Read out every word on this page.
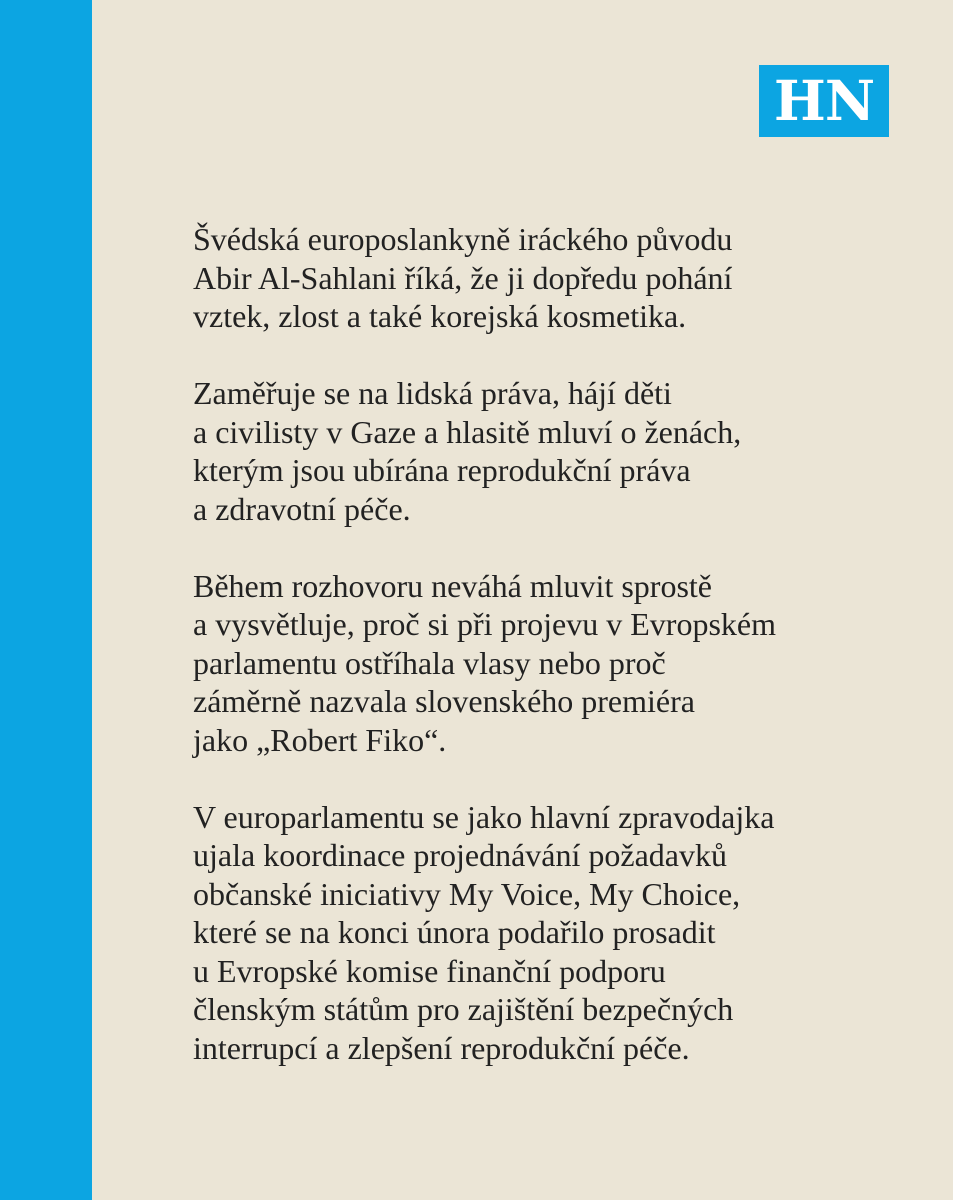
HN

Švédská europoslankyně iráckého původu
Abir Al-Sahlani říká, že ji dopředu pohání
vztek, zlost a také korejská kosmetika.

Zaměřuje se na lidská práva, hájí děti
a civilisty v Gaze a hlasitě mluví o ženách,
kterým jsou ubírána reprodukční práva
a zdravotní péče.

Během rozhovoru neváhá mluvit sprostě
a vysvětluje, proč si při projevu v Evropském
parlamentu ostříhala vlasy nebo proč
záměrně nazvala slovenského premiéra
jako „Robert Fiko“.

V europarlamentu se jako hlavní zpravodajka
ujala koordinace projednávání požadavků
občanské iniciativy My Voice, My Choice,
které se na konci února podařilo prosadit
u Evropské komise finanční podporu
členským státům pro zajištění bezpečných
interrupcí a zlepšení reprodukční péče.
